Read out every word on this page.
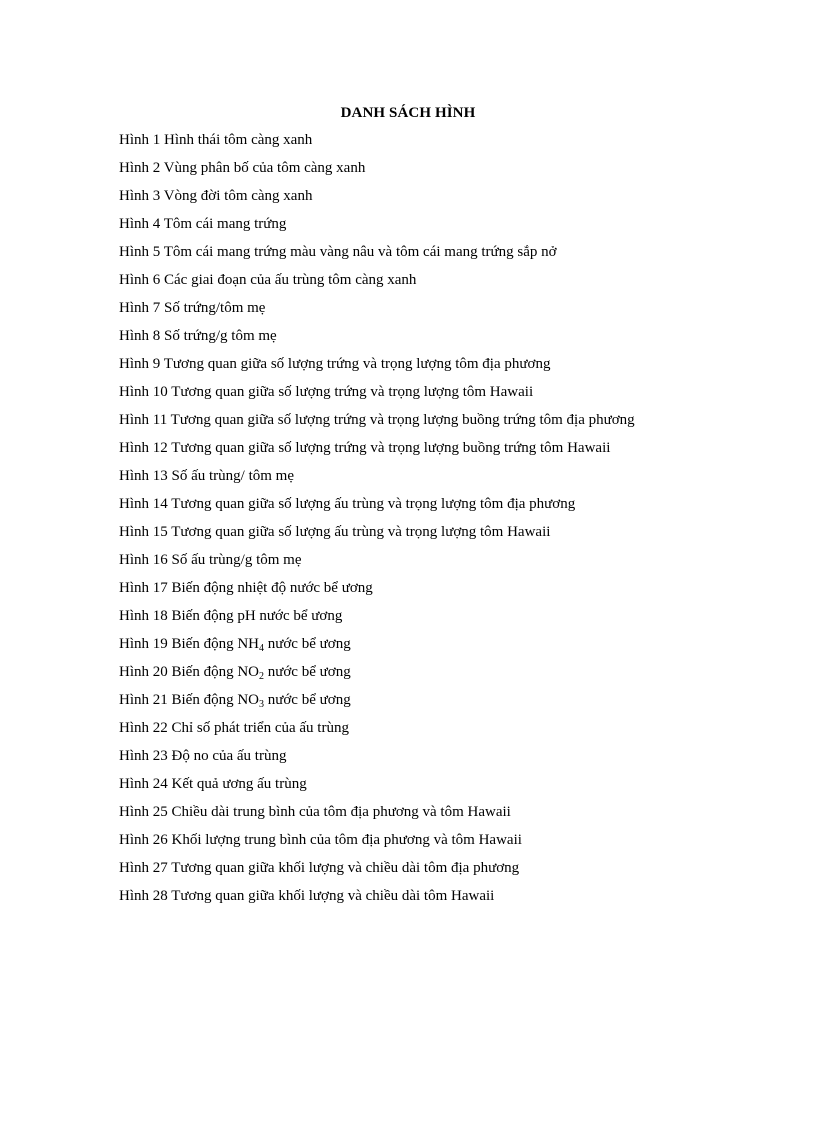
DANH SÁCH HÌNH
Hình 1 Hình thái tôm càng xanh
Hình 2 Vùng phân bố của tôm càng xanh
Hình 3 Vòng đời tôm càng xanh
Hình 4 Tôm cái mang trứng
Hình 5 Tôm cái mang trứng màu vàng nâu và tôm cái mang trứng sắp nở
Hình 6 Các giai đoạn của ấu trùng tôm càng xanh
Hình 7 Số trứng/tôm mẹ
Hình 8 Số trứng/g tôm mẹ
Hình 9 Tương quan giữa số lượng trứng và trọng lượng tôm địa phương
Hình 10 Tương quan giữa số lượng trứng và trọng lượng tôm Hawaii
Hình 11 Tương quan giữa số lượng trứng và trọng lượng buồng trứng tôm địa phương
Hình 12 Tương quan giữa số lượng trứng và trọng lượng buồng trứng tôm Hawaii
Hình 13 Số ấu trùng/ tôm mẹ
Hình 14 Tương quan giữa số lượng ấu trùng và trọng lượng tôm địa phương
Hình 15 Tương quan giữa số lượng ấu trùng và trọng lượng tôm Hawaii
Hình 16 Số ấu trùng/g tôm mẹ
Hình 17 Biến động nhiệt độ nước bể ương
Hình 18 Biến động pH nước bể ương
Hình 19 Biến động $NH_4$ nước bể ương
Hình 20 Biến động $NO_2$ nước bể ương
Hình 21 Biến động $NO_3$ nước bể ương
Hình 22 Chỉ số phát triển của ấu trùng
Hình 23 Độ no của ấu trùng
Hình 24 Kết quả ương ấu trùng
Hình 25 Chiều dài trung bình của tôm địa phương và tôm Hawaii
Hình 26 Khối lượng trung bình của tôm địa phương và tôm Hawaii
Hình 27 Tương quan giữa khối lượng và chiều dài tôm địa phương
Hình 28 Tương quan giữa khối lượng và chiều dài tôm Hawaii
